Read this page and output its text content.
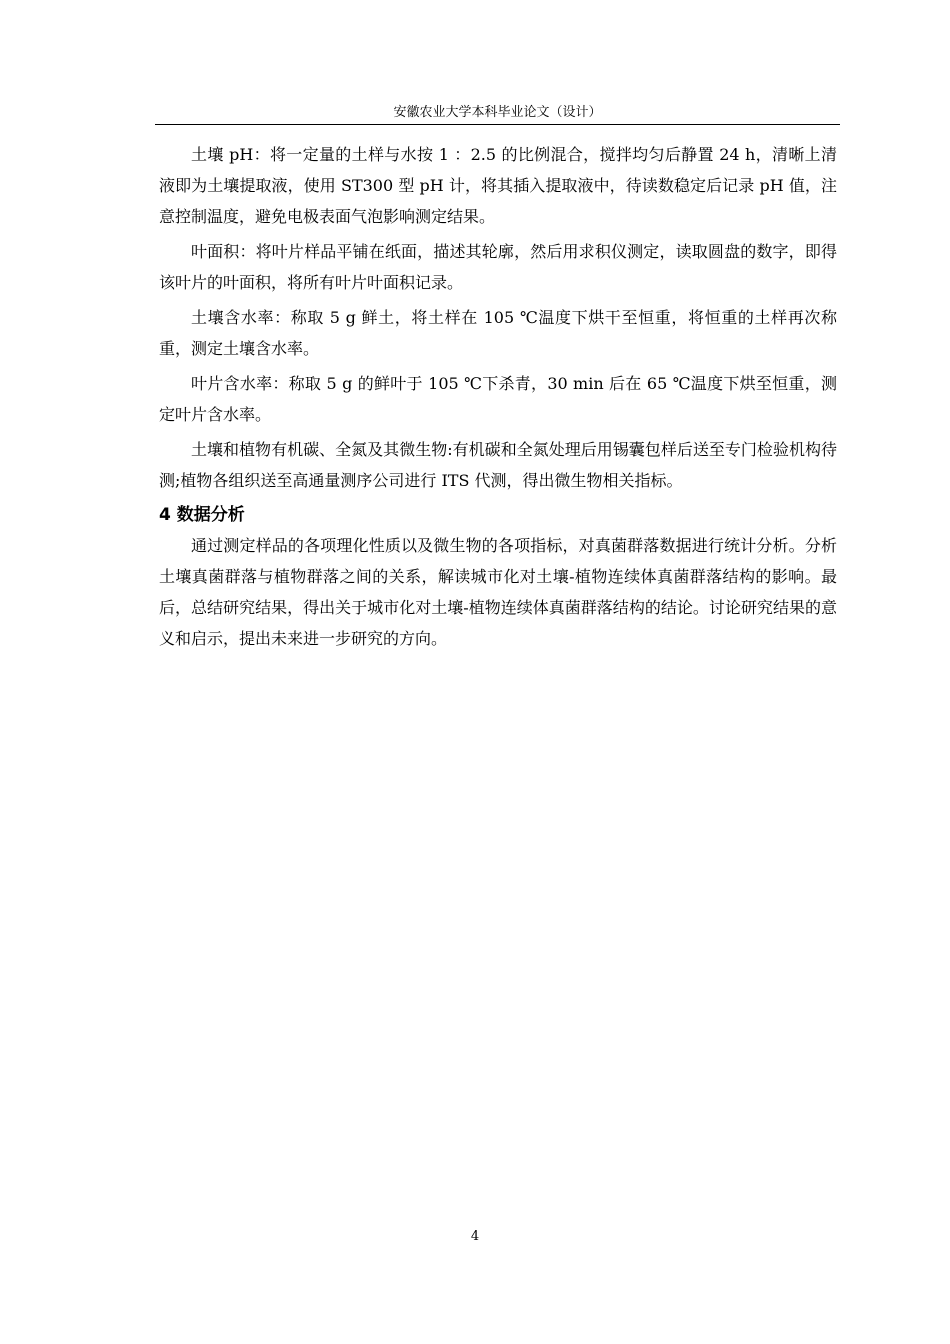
安徽农业大学本科毕业论文（设计）

土壤 pH：将一定量的土样与水按 1 ：2.5 的比例混合，搅拌均匀后静置 24 h，清晰上清液即为土壤提取液，使用 ST300 型 pH 计，将其插入提取液中，待读数稳定后记录 pH 值，注意控制温度，避免电极表面气泡影响测定结果。

叶面积：将叶片样品平铺在纸面，描述其轮廓，然后用求积仪测定，读取圆盘的数字，即得该叶片的叶面积，将所有叶片叶面积记录。

土壤含水率：称取 5 g 鲜土，将土样在 105 ℃温度下烘干至恒重，将恒重的土样再次称重，测定土壤含水率。

叶片含水率：称取 5 g 的鲜叶于 105 ℃下杀青，30 min 后在 65 ℃温度下烘至恒重，测定叶片含水率。

土壤和植物有机碳、全氮及其微生物:有机碳和全氮处理后用锡囊包样后送至专门检验机构待测;植物各组织送至高通量测序公司进行 ITS 代测，得出微生物相关指标。

4 数据分析

通过测定样品的各项理化性质以及微生物的各项指标，对真菌群落数据进行统计分析。分析土壤真菌群落与植物群落之间的关系，解读城市化对土壤-植物连续体真菌群落结构的影响。最后，总结研究结果，得出关于城市化对土壤-植物连续体真菌群落结构的结论。讨论研究结果的意义和启示，提出未来进一步研究的方向。

4
